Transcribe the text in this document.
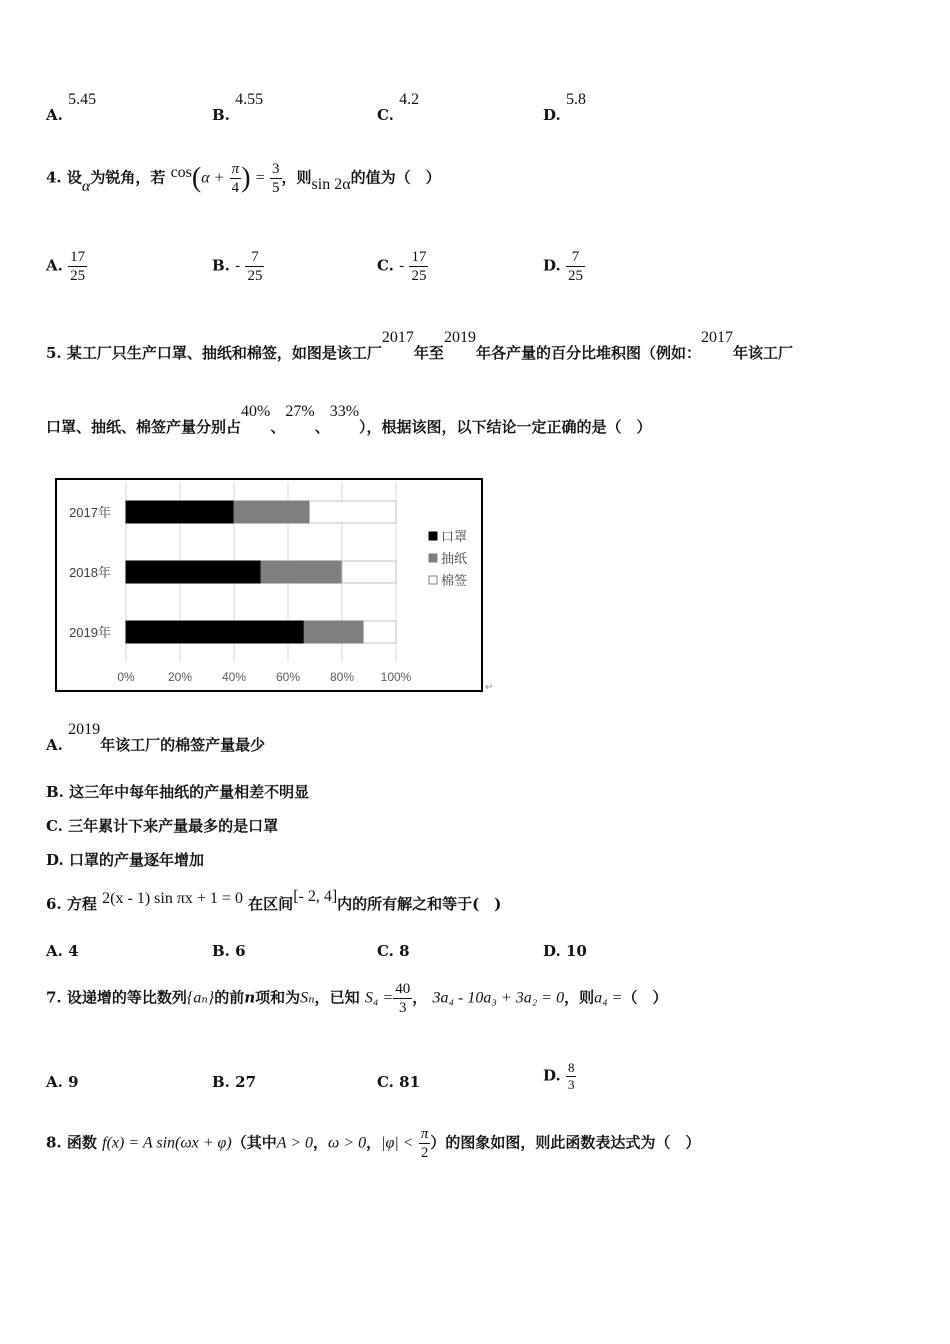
A. 5.45
B. 4.55
C. 4.2
D. 5.8
4. 设α为锐角，若 $\cos(\alpha + \frac{\pi}{4}$ ) = $\frac{3}{5}$ ，则sin 2α的值为（　）
A. $\frac{17}{25}$	B. - $\frac{7}{25}$	C. - $\frac{17}{25}$	D. $\frac{7}{25}$
5. 某工厂只生产口罩、抽纸和棉签，如图是该工厂2017年至2019年各产量的百分比堆积图（例如：2017年该工厂
口罩、抽纸、棉签产量分别占40%、27%、33%），根据该图，以下结论一定正确的是（　）
2017年
2018年
2019年
0%	20% 40% 60% 80% 100%
口罩
抽纸
棉签
↵
A. 2019年该工厂的棉签产量最少
B. 这三年中每年抽纸的产量相差不明显
C. 三年累计下来产量最多的是口罩
D. 口罩的产量逐年增加
6. 方程 2(x - 1) sin πx + 1 = 0 在区间[- 2, 4]内的所有解之和等于(　)
A. 4	B. 6	C. 8	D. 10
7. 设递增的等比数列{aₙ}的前n项和为Sₙ，已知 $S_4 = \frac{40}{3}$ ， 3a₄ - 10a₃ + 3a₂ = 0，则a₄ =（　）
A. 9	B. 27	C. 81	D. $\frac{8}{3}$
8. 函数 f(x) = A sin(ωx + φ)（其中A > 0，ω > 0，$|\varphi| < \frac{\pi}{2}$ ）的图象如图，则此函数表达式为（　）
